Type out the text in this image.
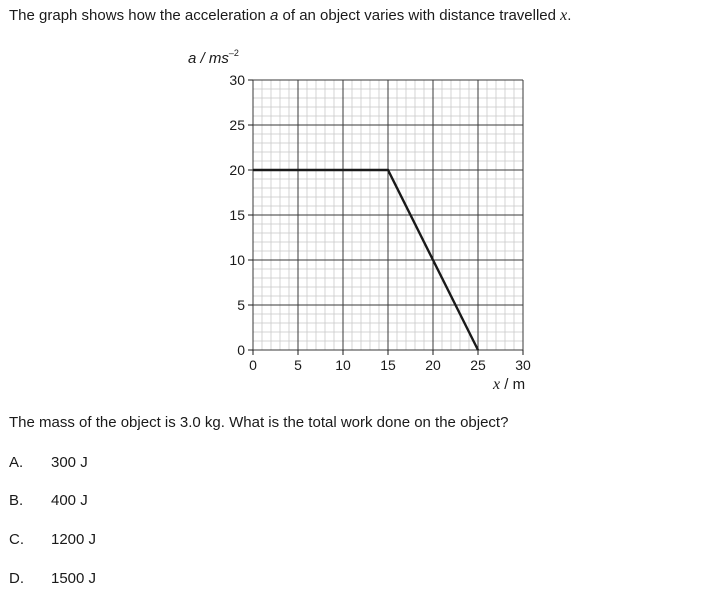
The graph shows how the acceleration a of an object varies with distance travelled x.
0	5 10 15 20 25 30
0
5
10
15
20
25
30
a / $ms^{-2}$
x / m
The mass of the object is 3.0 kg. What is the total work done on the object?
A. 300 J
B. 400 J
C. 1200 J
D. 1500 J
